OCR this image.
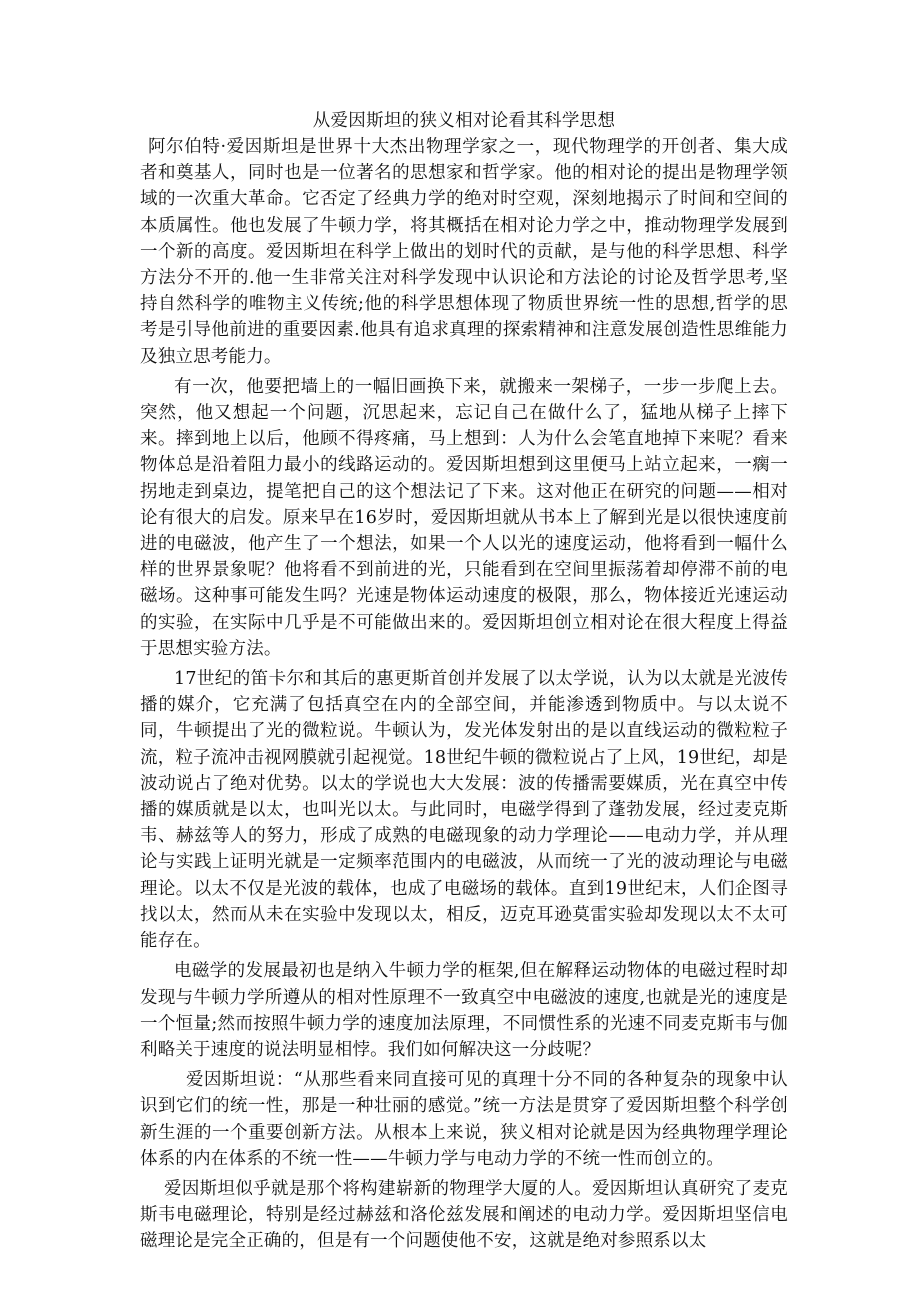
从爱因斯坦的狭义相对论看其科学思想

阿尔伯特·爱因斯坦是世界十大杰出物理学家之一，现代物理学的开创者、集大成者和奠基人，同时也是一位著名的思想家和哲学家。他的相对论的提出是物理学领域的一次重大革命。它否定了经典力学的绝对时空观，深刻地揭示了时间和空间的本质属性。他也发展了牛顿力学，将其概括在相对论力学之中，推动物理学发展到一个新的高度。爱因斯坦在科学上做出的划时代的贡献，是与他的科学思想、科学方法分不开的.他一生非常关注对科学发现中认识论和方法论的讨论及哲学思考,坚持自然科学的唯物主义传统;他的科学思想体现了物质世界统一性的思想,哲学的思考是引导他前进的重要因素.他具有追求真理的探索精神和注意发展创造性思维能力及独立思考能力。

有一次，他要把墙上的一幅旧画换下来，就搬来一架梯子，一步一步爬上去。突然，他又想起一个问题，沉思起来，忘记自己在做什么了，猛地从梯子上摔下来。摔到地上以后，他顾不得疼痛，马上想到：人为什么会笔直地掉下来呢？看来物体总是沿着阻力最小的线路运动的。爱因斯坦想到这里便马上站立起来，一瘸一拐地走到桌边，提笔把自己的这个想法记了下来。这对他正在研究的问题——相对论有很大的启发。原来早在16岁时，爱因斯坦就从书本上了解到光是以很快速度前进的电磁波，他产生了一个想法，如果一个人以光的速度运动，他将看到一幅什么样的世界景象呢？他将看不到前进的光，只能看到在空间里振荡着却停滞不前的电磁场。这种事可能发生吗？光速是物体运动速度的极限，那么，物体接近光速运动的实验，在实际中几乎是不可能做出来的。爱因斯坦创立相对论在很大程度上得益于思想实验方法。

17世纪的笛卡尔和其后的惠更斯首创并发展了以太学说，认为以太就是光波传播的媒介，它充满了包括真空在内的全部空间，并能渗透到物质中。与以太说不同，牛顿提出了光的微粒说。牛顿认为，发光体发射出的是以直线运动的微粒粒子流，粒子流冲击视网膜就引起视觉。18世纪牛顿的微粒说占了上风，19世纪，却是波动说占了绝对优势。以太的学说也大大发展：波的传播需要媒质，光在真空中传播的媒质就是以太，也叫光以太。与此同时，电磁学得到了蓬勃发展，经过麦克斯韦、赫兹等人的努力，形成了成熟的电磁现象的动力学理论——电动力学，并从理论与实践上证明光就是一定频率范围内的电磁波，从而统一了光的波动理论与电磁理论。以太不仅是光波的载体，也成了电磁场的载体。直到19世纪末，人们企图寻找以太，然而从未在实验中发现以太，相反，迈克耳逊莫雷实验却发现以太不太可能存在。

电磁学的发展最初也是纳入牛顿力学的框架,但在解释运动物体的电磁过程时却发现与牛顿力学所遵从的相对性原理不一致真空中电磁波的速度,也就是光的速度是一个恒量;然而按照牛顿力学的速度加法原理，不同惯性系的光速不同麦克斯韦与伽利略关于速度的说法明显相悖。我们如何解决这一分歧呢？

爱因斯坦说：“从那些看来同直接可见的真理十分不同的各种复杂的现象中认识到它们的统一性，那是一种壮丽的感觉。”统一方法是贯穿了爱因斯坦整个科学创新生涯的一个重要创新方法。从根本上来说，狭义相对论就是因为经典物理学理论体系的内在体系的不统一性——牛顿力学与电动力学的不统一性而创立的。

爱因斯坦似乎就是那个将构建崭新的物理学大厦的人。爱因斯坦认真研究了麦克斯韦电磁理论，特别是经过赫兹和洛伦兹发展和阐述的电动力学。爱因斯坦坚信电磁理论是完全正确的，但是有一个问题使他不安，这就是绝对参照系以太
